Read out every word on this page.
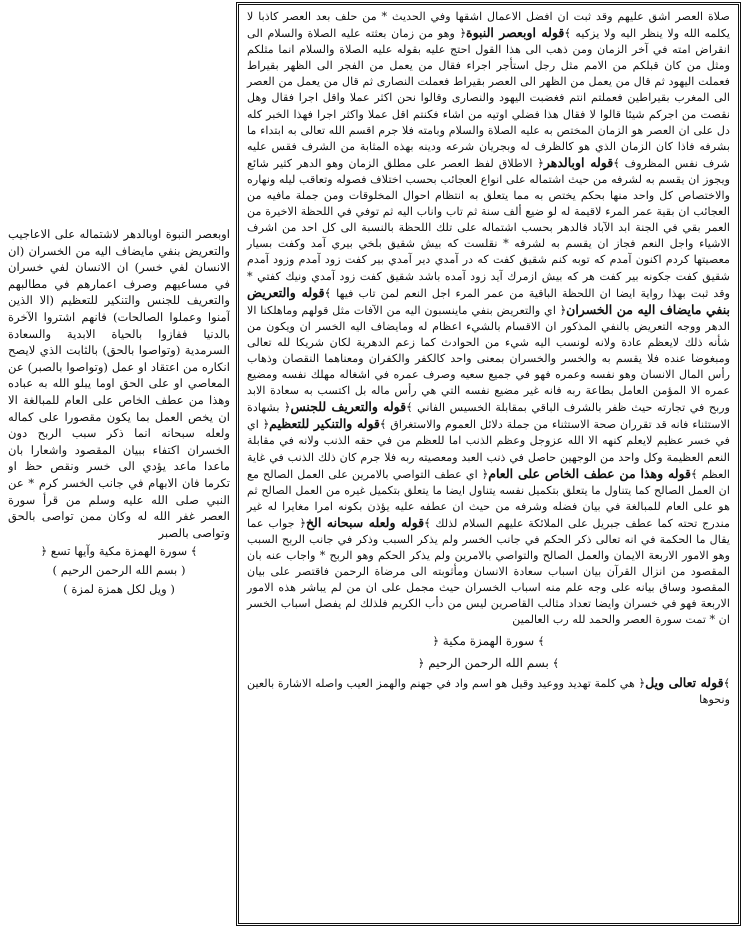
صلاة العصر اشق عليهم وقد ثبت ان افضل الاعمال اشقها وفي الحديث * من حلف بعد العصر كاذبا لا يكلمه الله ولا ينظر اليه ولا يزكيه ﴾قوله اوبعصر النبوة﴿ وهو من زمان بعثته عليه الصلاة والسلام الى انقراض امته في آخر الزمان ومن ذهب الى هذا القول احتج عليه بقوله عليه الصلاة والسلام انما مثلكم ومثل من كان قبلكم من الامم مثل رجل استأجر اجراء فقال من يعمل من الفجر الى الظهر بقيراط فعملت اليهود ثم قال من يعمل من الظهر الى العصر بقيراط فعملت النصارى ثم قال من يعمل من العصر الى المغرب بقيراطين فعملتم انتم فغضبت اليهود والنصارى وقالوا نحن اكثر عملا واقل اجرا فقال وهل نقصت من اجركم شيئا قالوا لا فقال هذا فضلي اوتيه من اشاء فكنتم اقل عملا واكثر اجرا فهذا الخبر كله دل على ان العصر هو الزمان المختص به عليه الصلاة والسلام وبامته فلا جرم اقسم الله تعالى به ابتداء ما بشرفه فاذا كان الزمان الذي هو كالظرف له وبجريان شرعه ودينه بهذه المثابة من الشرف فقس عليه شرف نفس المظروف ﴾قوله اوبالدهر﴿ الاطلاق لفظ العصر على مطلق الزمان وهو الدهر كثير شائع ويجوز ان يقسم به لشرفه من حيث اشتماله على انواع العجائب بحسب اختلاف فصوله وتعاقب ليله ونهاره والاختصاص كل واحد منها بحكم يختص به مما يتعلق به انتظام احوال المخلوقات ومن جملة مافيه من العجائب ان بقية عمر المرء لاقيمة له لو ضيع ألف سنة ثم تاب واناب اليه ثم توفي في اللحظة الاخيرة من العمر بقي في الجنة ابد الآباد فالدهر بحسب اشتماله على تلك اللحظة بالنسبة الى كل احد من اشرف الاشياء واجل النعم فجاز ان يقسم به لشرفه * نقلست كه بيش شقيق بلخي بيري آمد وكفت بسيار معصيتها كردم اكنون آمدم كه توبه كنم شقيق كفت كه در آمدي دير آمدي بير كفت زود آمدم وزود آمدم شقيق كفت جكونه بير كفت هر كه بيش ازمرك آيد زود آمده باشد شقيق كفت زود آمدي ونيك كفتي * وقد ثبت بهذا رواية ايضا ان اللحظة الباقية من عمر المرء اجل النعم لمن تاب فيها ﴾قوله والتعريض بنفي مايضاف اليه من الخسران﴿ اي والتعريض بنفي ماينسبون اليه من الآفات مثل قولهم وماهلكنا الا الدهر ووجه التعريض بالنفي المذكور ان الاقسام بالشيء اعظام له ومايضاف اليه الخسر ان ويكون من شأنه ذلك لايعظم عادة ولانه لونسب اليه شيء من الحوادث كما زعم الدهرية لكان شريكا لله تعالى ومبغوضا عنده فلا يقسم به والخسر والخسران بمعنى واحد كالكفر والكفران ومعناهما النقصان وذهاب رأس المال الانسان وهو نفسه وعمره فهو في جميع سعيه وصرف عمره في اشغاله مهلك نفسه ومضيع عمره الا المؤمن العامل بطاعة ربه فانه غير مضيع نفسه التي هي رأس ماله بل اكتسب به سعادة الابد وربح في تجارته حيث ظفر بالشرف الباقي بمقابلة الخسيس الفاني ﴾قوله والتعريف للجنس﴿ بشهادة الاستثناء فانه قد تقرران صحة الاستثناء من جملة دلائل العموم والاستغراق ﴾قوله والتنكير للتعظيم﴿ اي في خسر عظيم لايعلم كنهه الا الله عزوجل وعظم الذنب اما للعظم من في حقه الذنب ولانه في مقابلة النعم العظيمة وكل واحد من الوجهين حاصل في ذنب العبد ومعصيته ربه فلا جرم كان ذلك الذنب في غاية العظم ﴾قوله وهذا من عطف الخاص على العام﴿ اي عطف التواصي بالامرين على العمل الصالح مع ان العمل الصالح كما يتناول ما يتعلق بتكميل نفسه يتناول ايضا ما يتعلق بتكميل غيره من العمل الصالح ثم هو على العام للمبالغة في بيان فضله وشرفه من حيث ان عطفه عليه يؤذن بكونه امرا مغايرا له غير مندرج تحته كما عطف جبريل على الملائكة عليهم السلام لذلك ﴾قوله ولعله سبحانه الخ﴿ جواب عما يقال ما الحكمة في انه تعالى ذكر الحكم في جانب الخسر ولم يذكر السبب وذكر في جانب الربح السبب وهو الامور الاربعة الايمان والعمل الصالح والتواصي بالامرين ولم يذكر الحكم وهو الربح * واجاب عنه بان المقصود من انزال القرآن بيان اسباب سعادة الانسان ومأثوبته الى مرضاة الرحمن فاقتصر على بيان المقصود وساق بيانه على وجه علم منه اسباب الخسران حيث مجمل على ان من لم يباشر هذه الامور الاربعة فهو في خسران وايضا تعداد مثالب القاصرين ليس من دأب الكريم فلذلك لم يفصل اسباب الخسر ان * تمت سورة العصر والحمد لله رب العالمين

﴾ سورة الهمزة مكية ﴿
﴾ بسم الله الرحمن الرحيم ﴿
﴾قوله تعالى ويل﴿ هي كلمة تهديد ووعيد وقيل هو اسم واد في جهنم والهمز العيب واصله الاشارة بالعين ونحوها

اوبعصر النبوة اوبالدهر لاشتماله على الاعاجيب والتعريض بنفي مايضاف اليه من الخسران (ان الانسان لفي خسر) ان الانسان لفي خسران في مساعيهم وصرف اعمارهم في مطالبهم والتعريف للجنس والتنكير للتعظيم (الا الذين آمنوا وعملوا الصالحات) فانهم اشتروا الآخرة بالدنيا ففازوا بالحياة الابدية والسعادة السرمدية (وتواصوا بالحق) بالثابت الذي لايصح انكاره من اعتقاد او عمل (وتواصوا بالصبر) عن المعاصي او على الحق اوما يبلو الله به عباده وهذا من عطف الخاص على العام للمبالغة الا ان يخص العمل بما يكون مقصورا على كماله ولعله سبحانه انما ذكر سبب الربح دون الخسران اكتفاء ببيان المقصود واشعارا بان ماعدا ماعد يؤدي الى خسر ونقص حظ او تكرما فان الابهام في جانب الخسر كرم * عن النبي صلى الله عليه وسلم من قرأ سورة العصر غفر الله له وكان ممن تواصى بالحق وتواصى بالصبر

﴾ سورة الهمزة مكية وآيها تسع ﴿
( بسم الله الرحمن الرحيم )
( ويل لكل همزة لمزة )
